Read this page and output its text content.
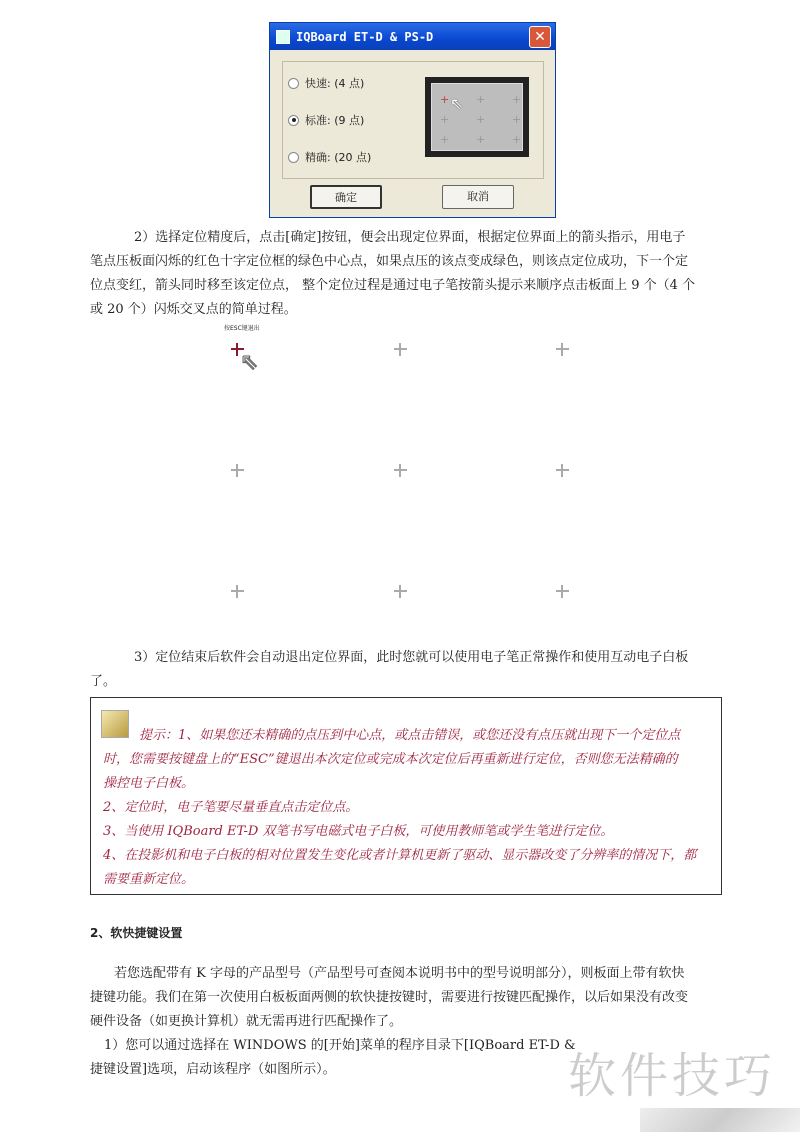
IQBoard ET-D & PS-D	✕
快速: (4 点)
标准: (9 点)
精确: (20 点)
+ + +
+ + +
+ + +
⇖
确定	取消
2）选择定位精度后，点击[确定]按钮，便会出现定位界面，根据定位界面上的箭头指示，用电子
笔点压板面闪烁的红色十字定位框的绿色中心点，如果点压的该点变成绿色，则该点定位成功，下一个定
位点变红，箭头同时移至该定位点， 整个定位过程是通过电子笔按箭头提示来顺序点击板面上 9 个（4 个
或 20 个）闪烁交叉点的简单过程。
按ESC键退出
⇖
3）定位结束后软件会自动退出定位界面，此时您就可以使用电子笔正常操作和使用互动电子白板
了。
提示：1、如果您还未精确的点压到中心点，或点击错误，或您还没有点压就出现下一个定位点
时，您需要按键盘上的“ESC”键退出本次定位或完成本次定位后再重新进行定位，否则您无法精确的
操控电子白板。
2、定位时，电子笔要尽量垂直点击定位点。
3、当使用 IQBoard ET-D 双笔书写电磁式电子白板，可使用教师笔或学生笔进行定位。
4、在投影机和电子白板的相对位置发生变化或者计算机更新了驱动、显示器改变了分辨率的情况下，都
需要重新定位。
2、软快捷键设置
若您选配带有 K 字母的产品型号（产品型号可查阅本说明书中的型号说明部分），则板面上带有软快
捷键功能。我们在第一次使用白板板面两侧的软快捷按键时，需要进行按键匹配操作，以后如果没有改变
硬件设备（如更换计算机）就无需再进行匹配操作了。
1）您可以通过选择在 WINDOWS 的[开始]菜单的程序目录下[IQBoard ET-D &
捷键设置]选项，启动该程序（如图所示）。	软件技巧
